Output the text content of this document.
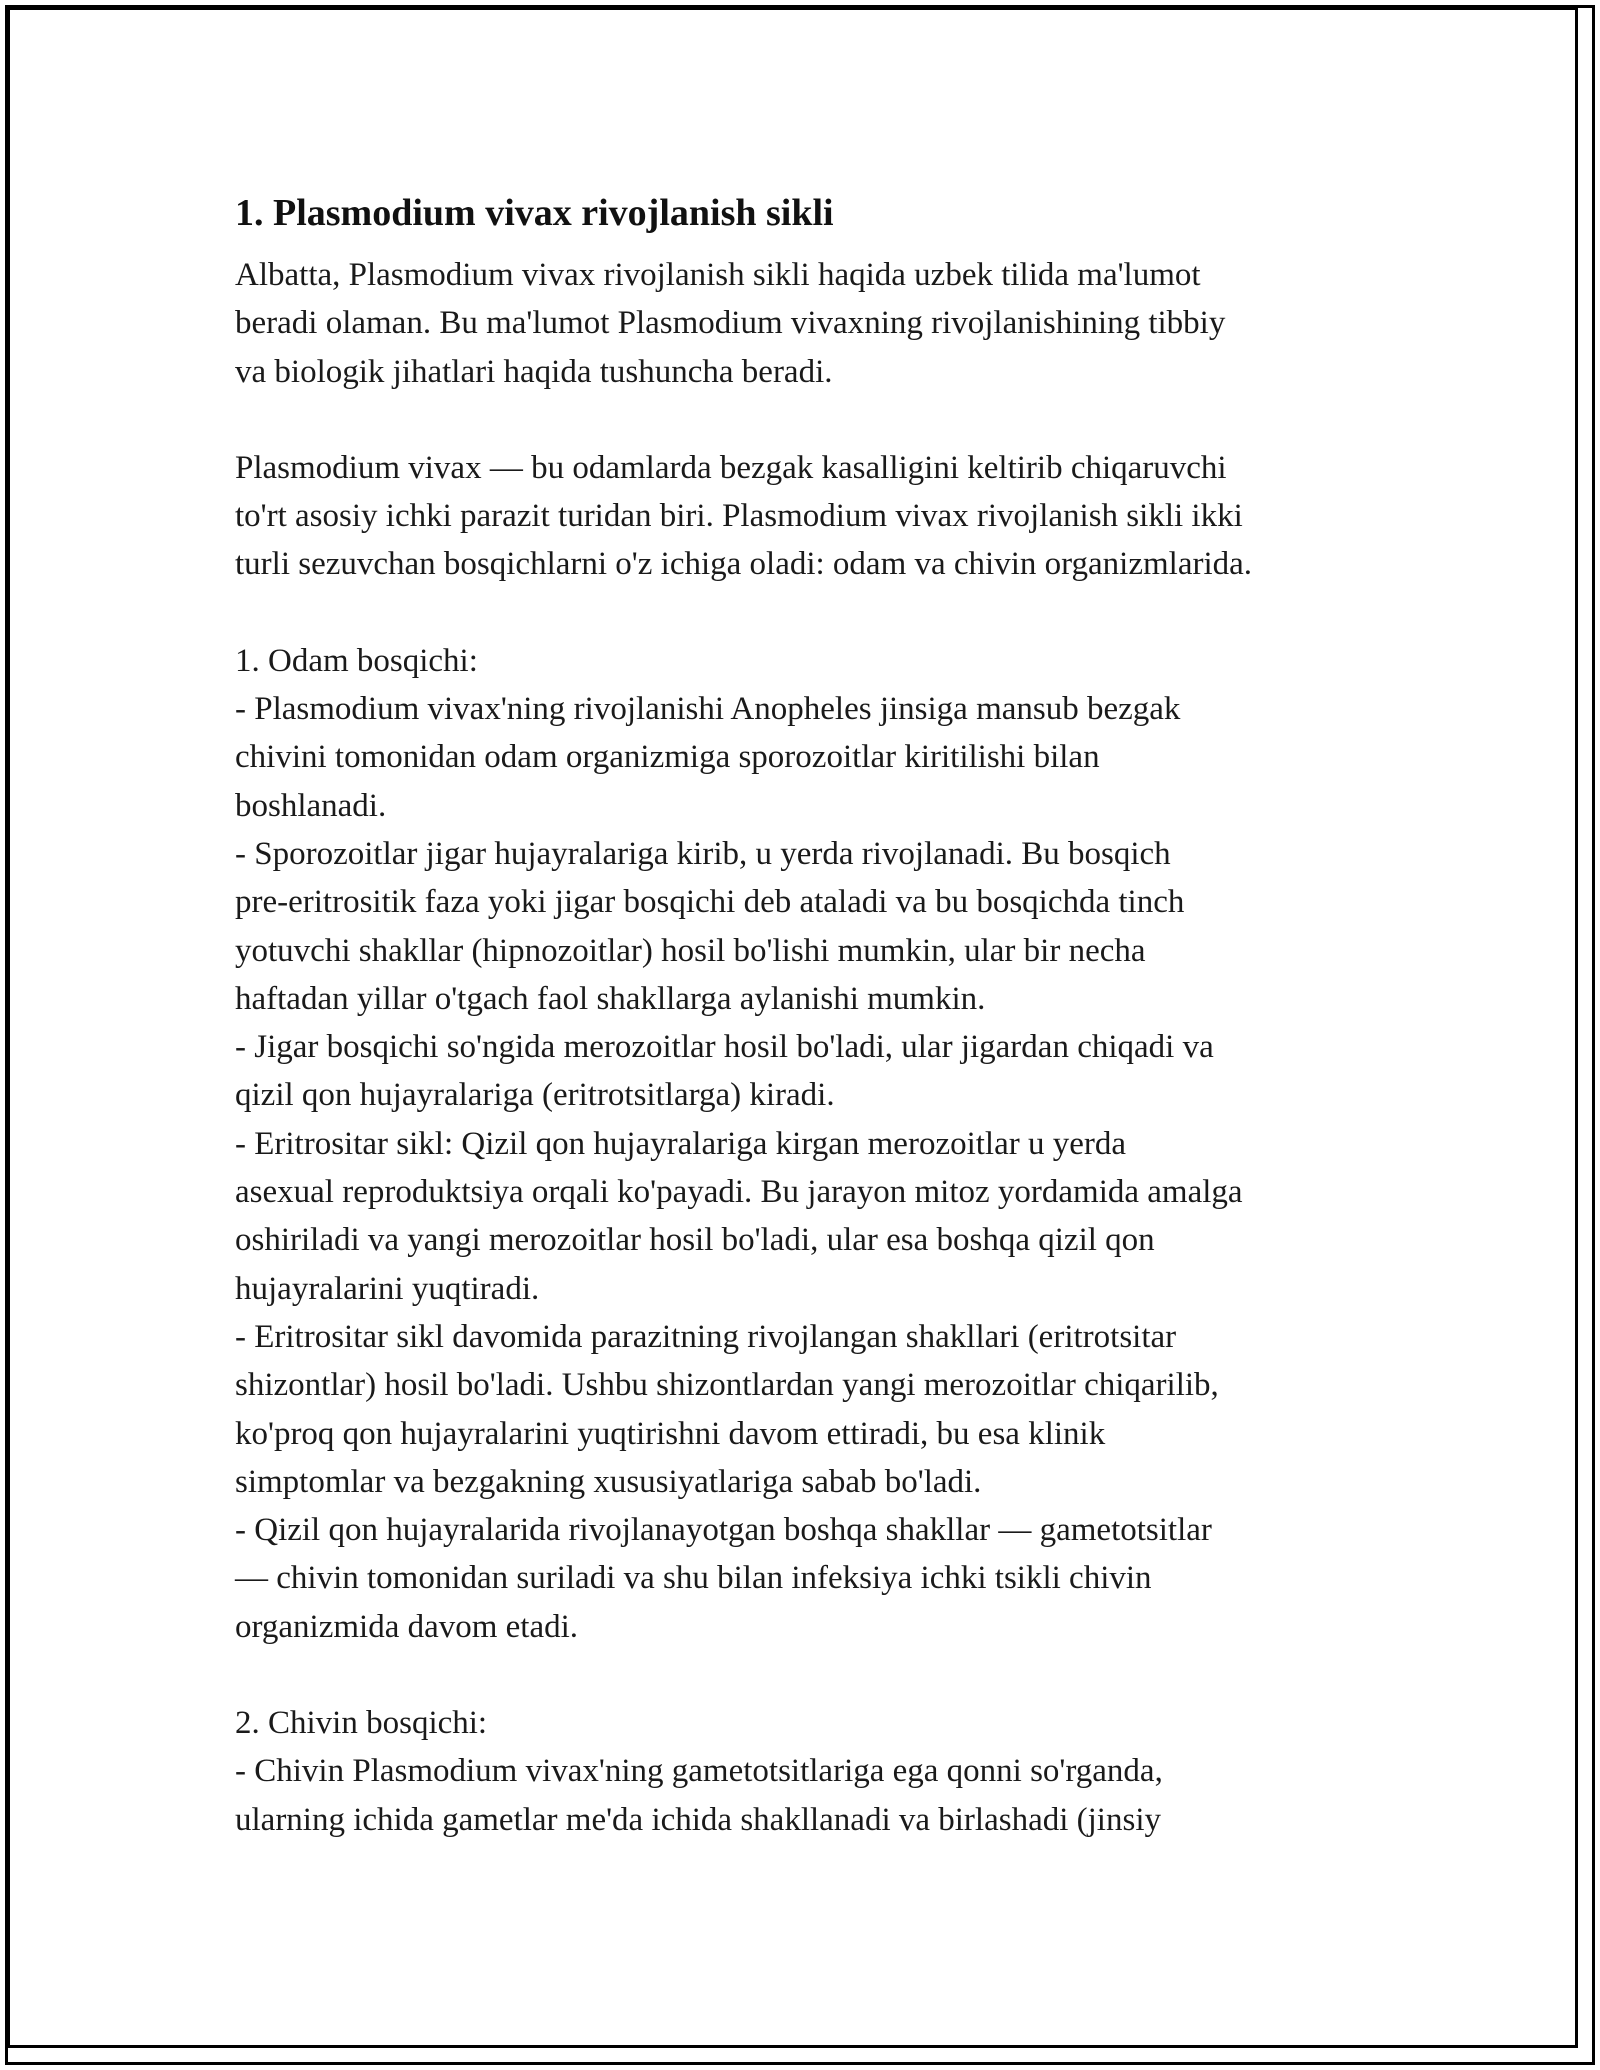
1. Plasmodium vivax rivojlanish sikli
Albatta, Plasmodium vivax rivojlanish sikli haqida uzbek tilida ma'lumot
beradi olaman. Bu ma'lumot Plasmodium vivaxning rivojlanishining tibbiy
va biologik jihatlari haqida tushuncha beradi.
Plasmodium vivax — bu odamlarda bezgak kasalligini keltirib chiqaruvchi
to'rt asosiy ichki parazit turidan biri. Plasmodium vivax rivojlanish sikli ikki
turli sezuvchan bosqichlarni o'z ichiga oladi: odam va chivin organizmlarida.
1. Odam bosqichi:
- Plasmodium vivax'ning rivojlanishi Anopheles jinsiga mansub bezgak
chivini tomonidan odam organizmiga sporozoitlar kiritilishi bilan
boshlanadi.
- Sporozoitlar jigar hujayralariga kirib, u yerda rivojlanadi. Bu bosqich
pre-eritrositik faza yoki jigar bosqichi deb ataladi va bu bosqichda tinch
yotuvchi shakllar (hipnozoitlar) hosil bo'lishi mumkin, ular bir necha
haftadan yillar o'tgach faol shakllarga aylanishi mumkin.
- Jigar bosqichi so'ngida merozoitlar hosil bo'ladi, ular jigardan chiqadi va
qizil qon hujayralariga (eritrotsitlarga) kiradi.
- Eritrositar sikl: Qizil qon hujayralariga kirgan merozoitlar u yerda
asexual reproduktsiya orqali ko'payadi. Bu jarayon mitoz yordamida amalga
oshiriladi va yangi merozoitlar hosil bo'ladi, ular esa boshqa qizil qon
hujayralarini yuqtiradi.
- Eritrositar sikl davomida parazitning rivojlangan shakllari (eritrotsitar
shizontlar) hosil bo'ladi. Ushbu shizontlardan yangi merozoitlar chiqarilib,
ko'proq qon hujayralarini yuqtirishni davom ettiradi, bu esa klinik
simptomlar va bezgakning xususiyatlariga sabab bo'ladi.
- Qizil qon hujayralarida rivojlanayotgan boshqa shakllar — gametotsitlar
— chivin tomonidan suriladi va shu bilan infeksiya ichki tsikli chivin
organizmida davom etadi.
2. Chivin bosqichi:
- Chivin Plasmodium vivax'ning gametotsitlariga ega qonni so'rganda,
ularning ichida gametlar me'da ichida shakllanadi va birlashadi (jinsiy
